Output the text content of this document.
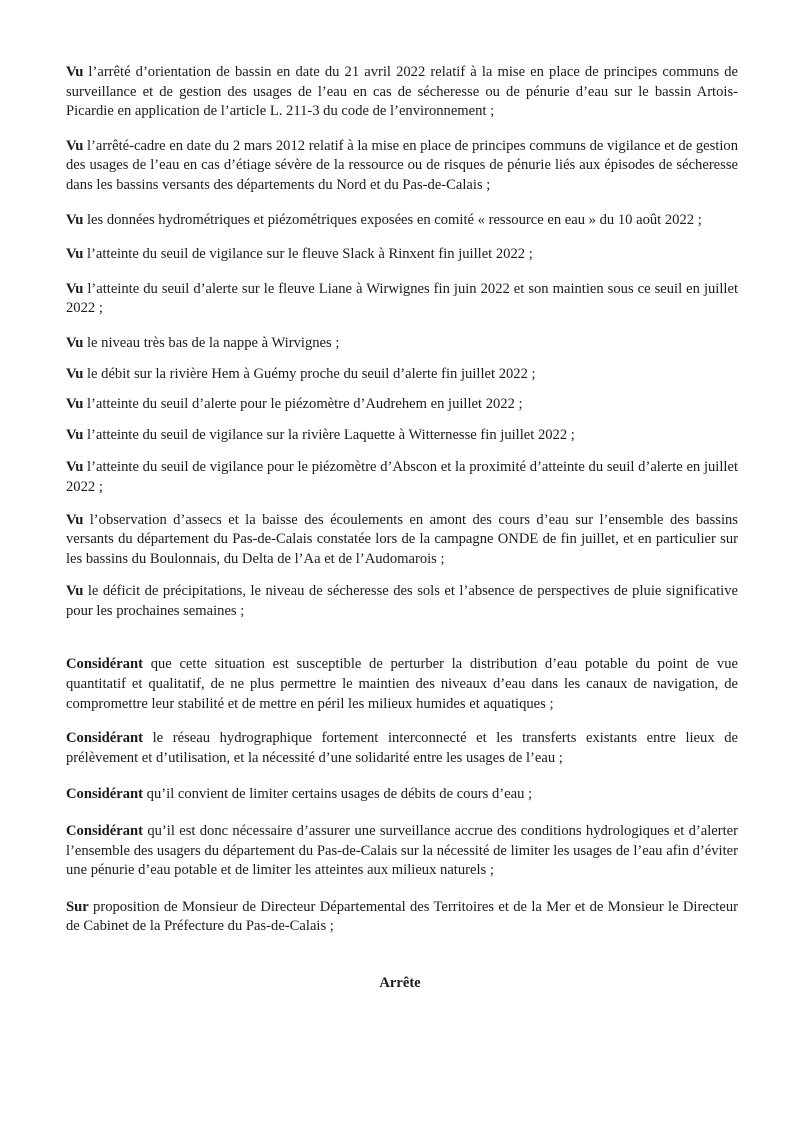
Vu l’arrêté d’orientation de bassin en date du 21 avril 2022 relatif à la mise en place de principes communs de surveillance et de gestion des usages de l’eau en cas de sécheresse ou de pénurie d’eau sur le bassin Artois-Picardie en application de l’article L. 211-3 du code de l’environnement ;

Vu l’arrêté-cadre en date du 2 mars 2012 relatif à la mise en place de principes communs de vigilance et de gestion des usages de l’eau en cas d’étiage sévère de la ressource ou de risques de pénurie liés aux épisodes de sécheresse dans les bassins versants des départements du Nord et du Pas-de-Calais ;

Vu les données hydrométriques et piézométriques exposées en comité « ressource en eau » du 10 août 2022 ;

Vu l’atteinte du seuil de vigilance sur le fleuve Slack à Rinxent fin juillet 2022 ;

Vu l’atteinte du seuil d’alerte sur le fleuve Liane à Wirwignes fin juin 2022 et son maintien sous ce seuil en juillet 2022 ;

Vu le niveau très bas de la nappe à Wirvignes ;

Vu le débit sur la rivière Hem à Guémy proche du seuil d’alerte fin juillet 2022 ;

Vu l’atteinte du seuil d’alerte pour le piézomètre d’Audrehem en juillet 2022 ;

Vu l’atteinte du seuil de vigilance sur la rivière Laquette à Witternesse fin juillet 2022 ;

Vu l’atteinte du seuil de vigilance pour le piézomètre d’Abscon et la proximité d’atteinte du seuil d’alerte en juillet 2022 ;

Vu l’observation d’assecs et la baisse des écoulements en amont des cours d’eau sur l’ensemble des bassins versants du département du Pas-de-Calais constatée lors de la campagne ONDE de fin juillet, et en particulier sur les bassins du Boulonnais, du Delta de l’Aa et de l’Audomarois ;

Vu le déficit de précipitations, le niveau de sécheresse des sols et l’absence de perspectives de pluie significative pour les prochaines semaines ;

Considérant que cette situation est susceptible de perturber la distribution d’eau potable du point de vue quantitatif et qualitatif, de ne plus permettre le maintien des niveaux d’eau dans les canaux de navigation, de compromettre leur stabilité et de mettre en péril les milieux humides et aquatiques ;

Considérant le réseau hydrographique fortement interconnecté et les transferts existants entre lieux de prélèvement et d’utilisation, et la nécessité d’une solidarité entre les usages de l’eau ;

Considérant qu’il convient de limiter certains usages de débits de cours d’eau ;

Considérant qu’il est donc nécessaire d’assurer une surveillance accrue des conditions hydrologiques et d’alerter l’ensemble des usagers du département du Pas-de-Calais sur la nécessité de limiter les usages de l’eau afin d’éviter une pénurie d’eau potable et de limiter les atteintes aux milieux naturels ;

Sur proposition de Monsieur de Directeur Départemental des Territoires et de la Mer et de Monsieur le Directeur de Cabinet de la Préfecture du Pas-de-Calais ;

Arrête
